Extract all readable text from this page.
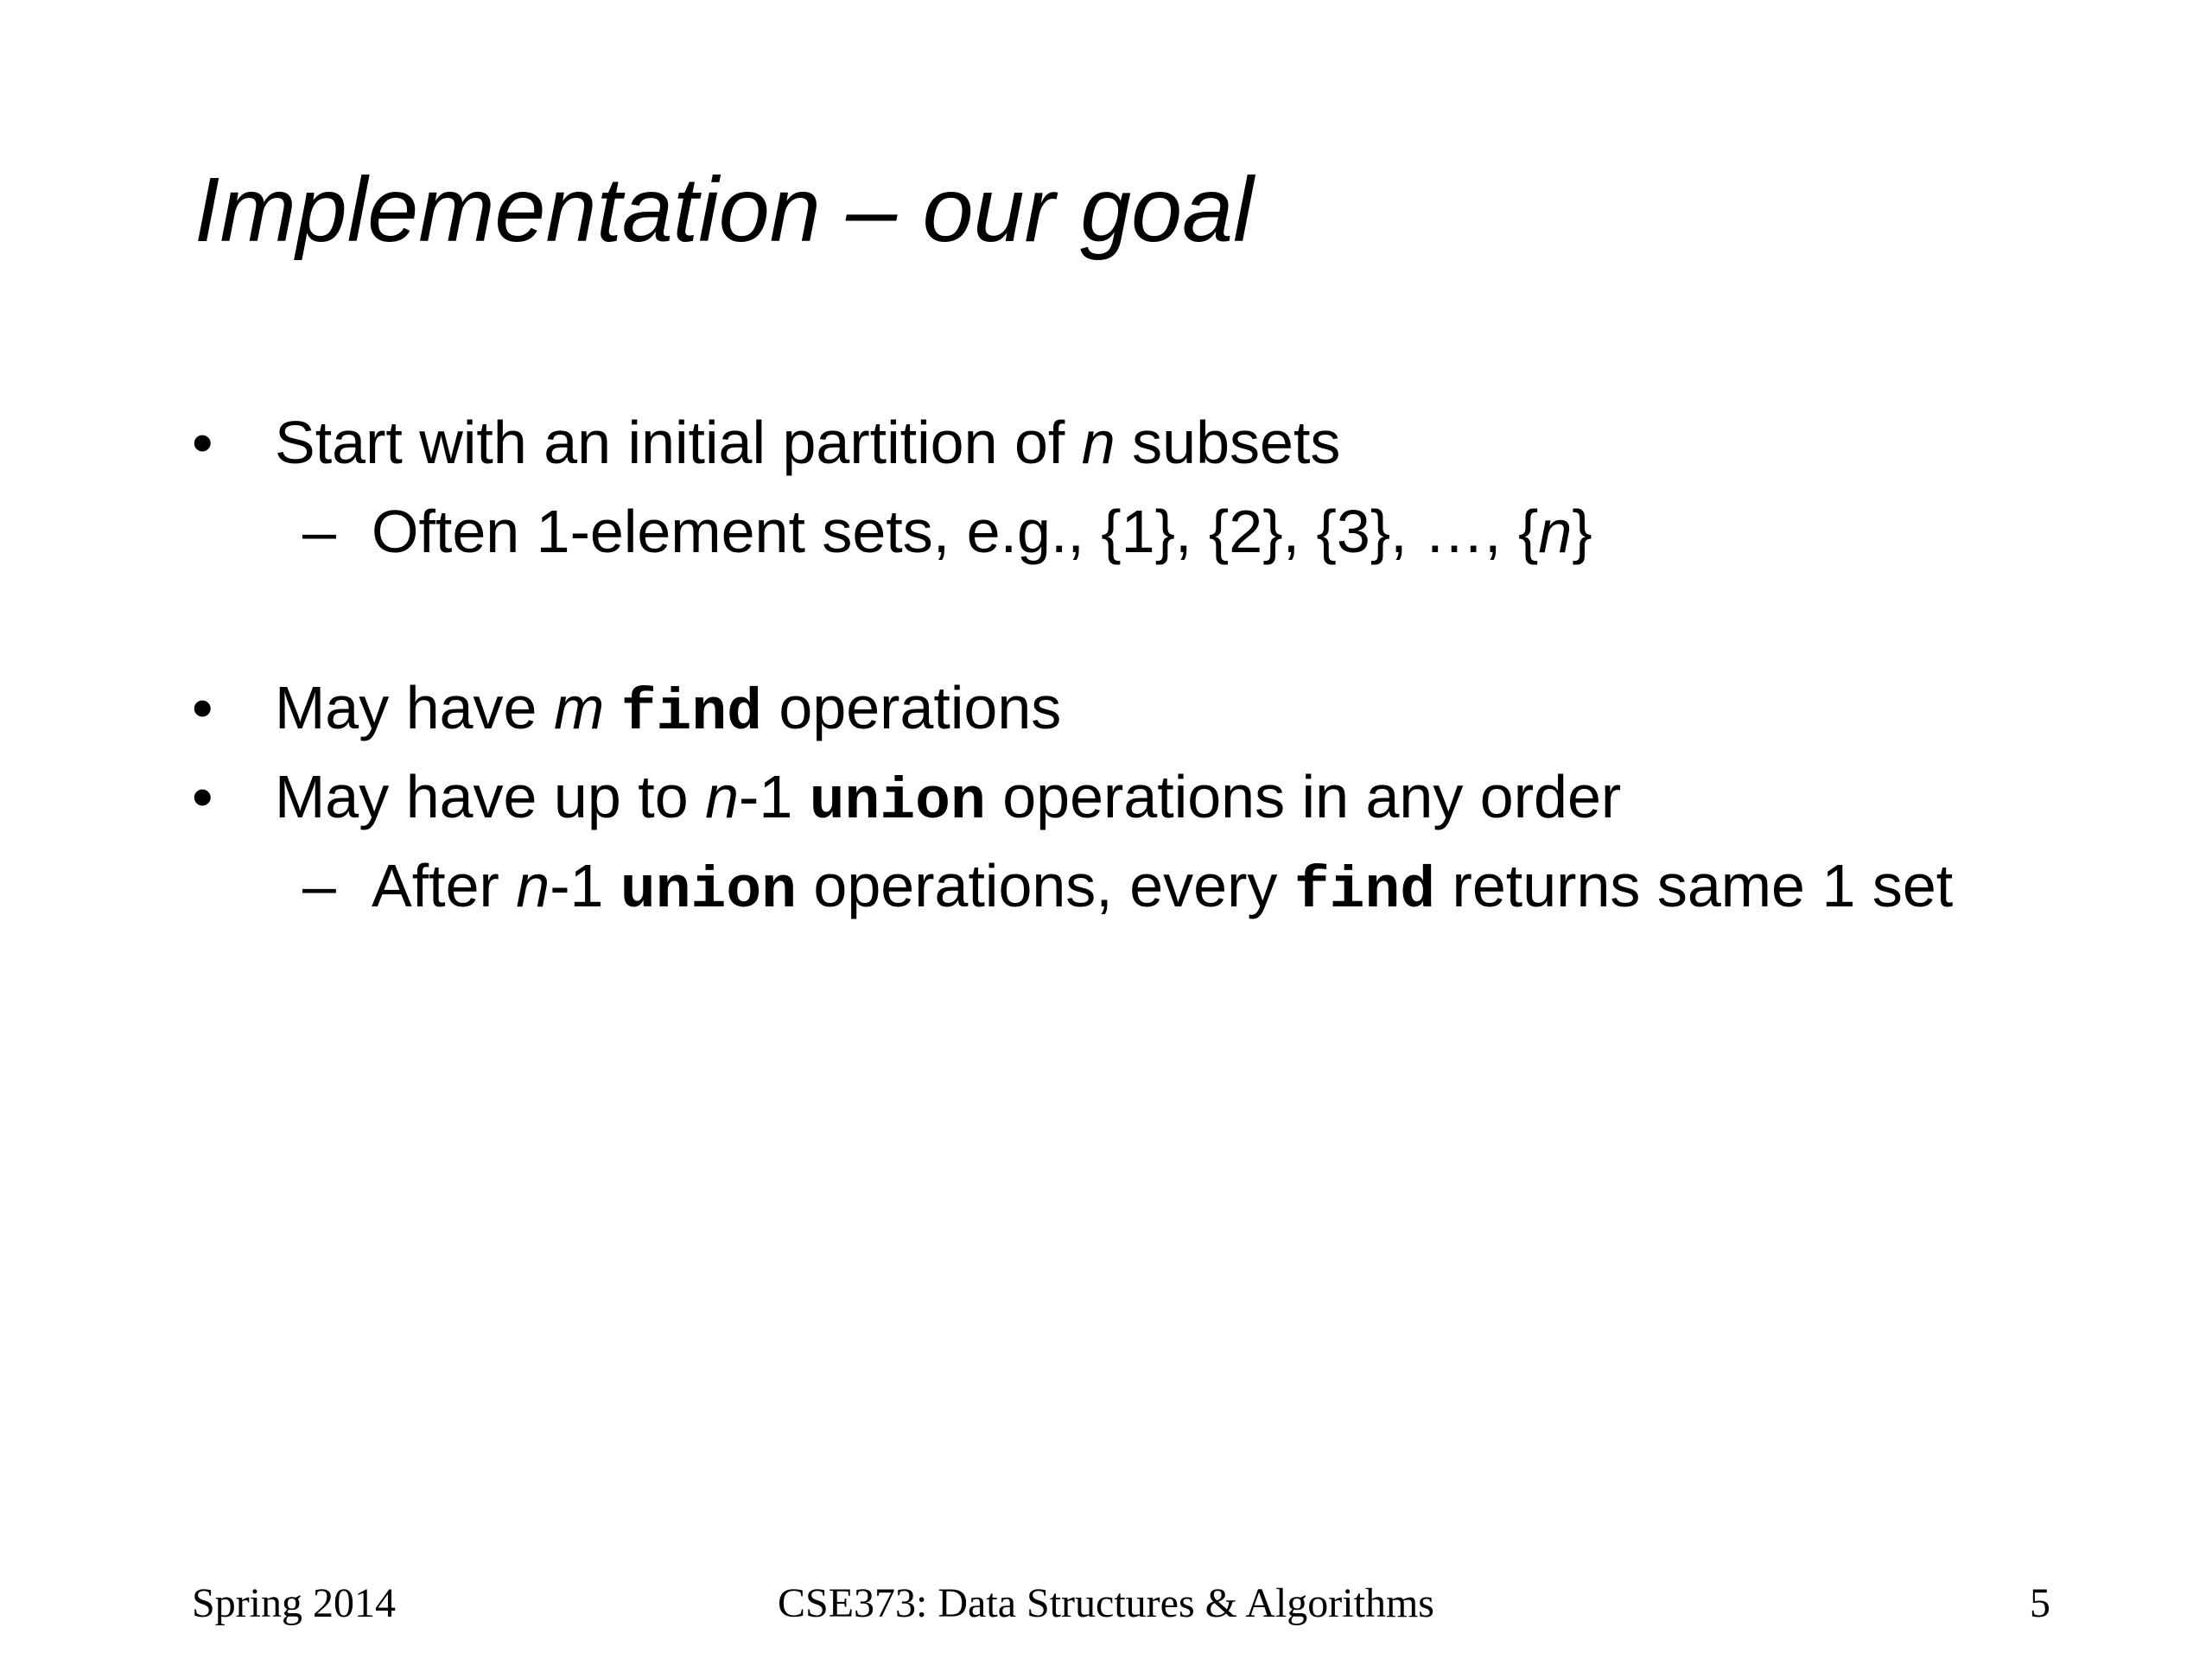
Implementation – our goal
• Start with an initial partition of n subsets
– Often 1-element sets, e.g., {1}, {2}, {3}, …, {n}
• May have m find operations
• May have up to n-1 union operations in any order
– After n-1 union operations, every find returns same 1 set
Spring 2014	CSE373: Data Structures & Algorithms	5
